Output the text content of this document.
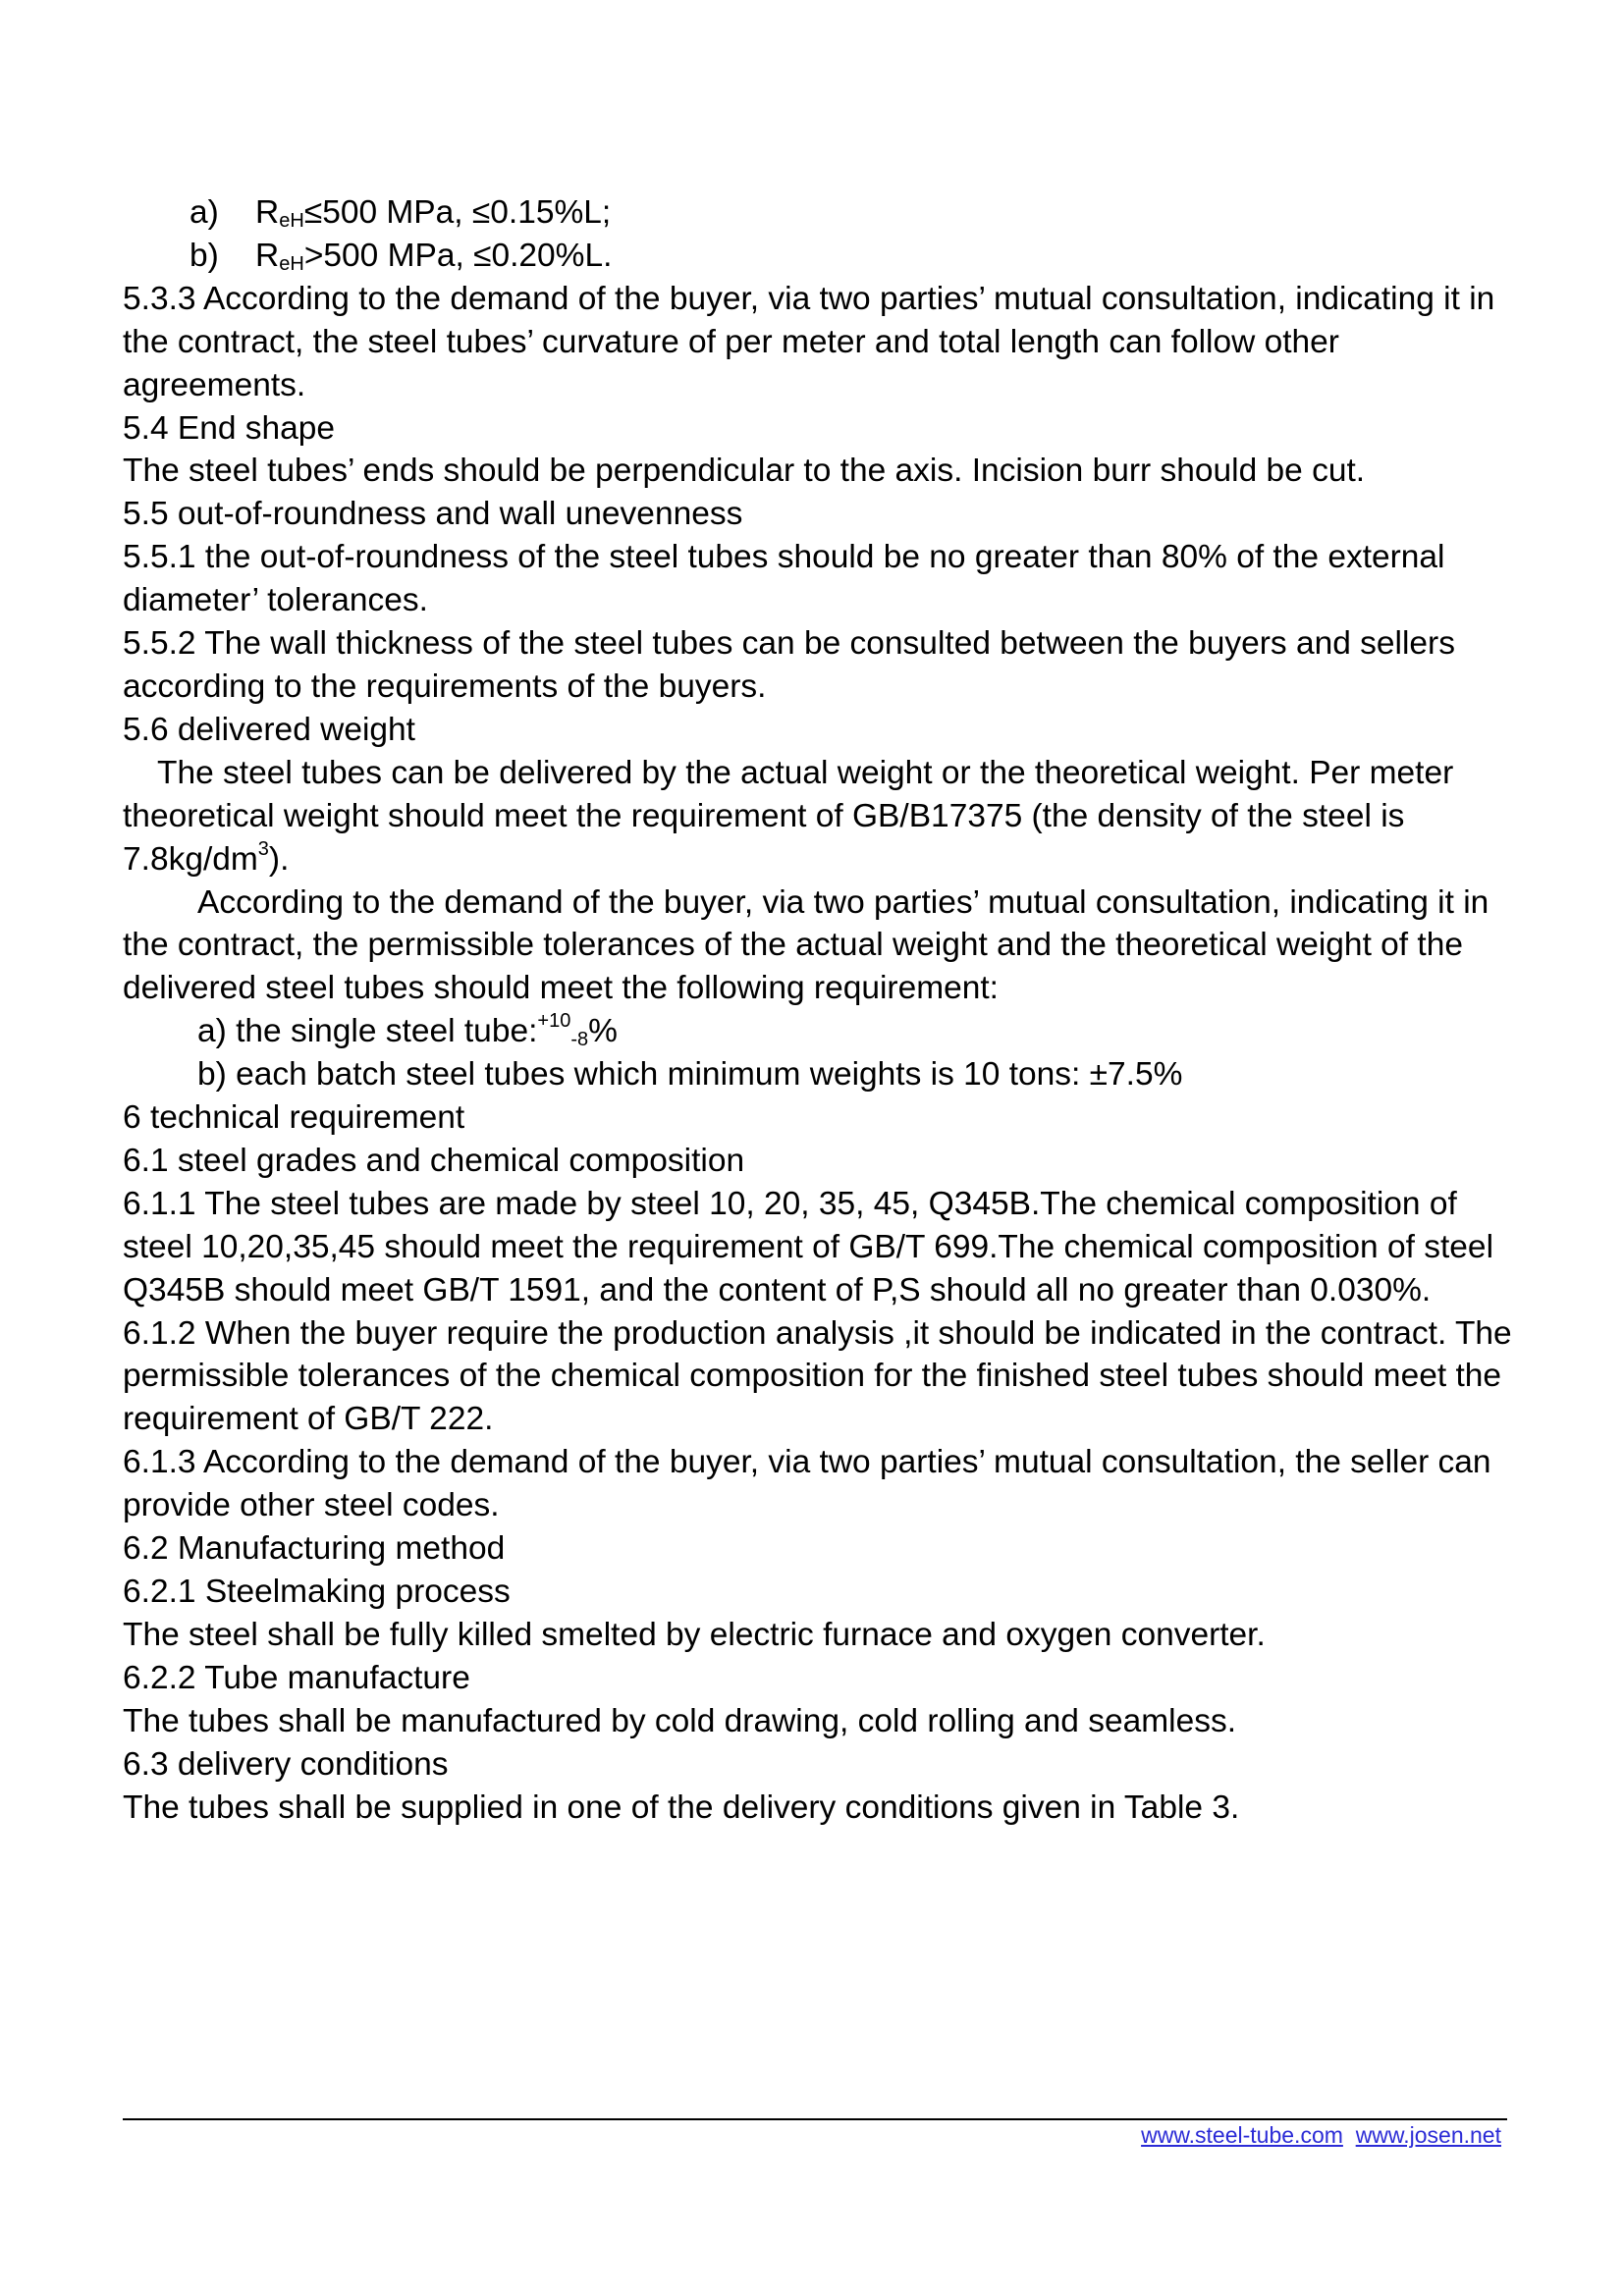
a) $R_{eH}\le 500$ MPa, ≤0.15%L;
b) $R_{eH}>500$ MPa, ≤0.20%L.
5.3.3 According to the demand of the buyer, via two parties’ mutual consultation, indicating it in
the contract, the steel tubes’ curvature of per meter and total length can follow other
agreements.
5.4 End shape
The steel tubes’ ends should be perpendicular to the axis. Incision burr should be cut.
5.5 out-of-roundness and wall unevenness
5.5.1 the out-of-roundness of the steel tubes should be no greater than 80% of the external
diameter’ tolerances.
5.5.2 The wall thickness of the steel tubes can be consulted between the buyers and sellers
according to the requirements of the buyers.
5.6 delivered weight
The steel tubes can be delivered by the actual weight or the theoretical weight. Per meter
theoretical weight should meet the requirement of GB/B17375 (the density of the steel is
$7.8kg/dm^3$).
According to the demand of the buyer, via two parties’ mutual consultation, indicating it in
the contract, the permissible tolerances of the actual weight and the theoretical weight of the
delivered steel tubes should meet the following requirement:
a) the single steel tube:$^{+10}_{-8}$%
b) each batch steel tubes which minimum weights is 10 tons: ±7.5%
6 technical requirement
6.1 steel grades and chemical composition
6.1.1 The steel tubes are made by steel 10, 20, 35, 45, Q345B.The chemical composition of
steel 10,20,35,45 should meet the requirement of GB/T 699.The chemical composition of steel
Q345B should meet GB/T 1591, and the content of P,S should all no greater than 0.030%.
6.1.2 When the buyer require the production analysis ,it should be indicated in the contract. The
permissible tolerances of the chemical composition for the finished steel tubes should meet the
requirement of GB/T 222.
6.1.3 According to the demand of the buyer, via two parties’ mutual consultation, the seller can
provide other steel codes.
6.2 Manufacturing method
6.2.1 Steelmaking process
The steel shall be fully killed smelted by electric furnace and oxygen converter.
6.2.2 Tube manufacture
The tubes shall be manufactured by cold drawing, cold rolling and seamless.
6.3 delivery conditions
The tubes shall be supplied in one of the delivery conditions given in Table 3.
www.steel-tube.com www.josen.net
